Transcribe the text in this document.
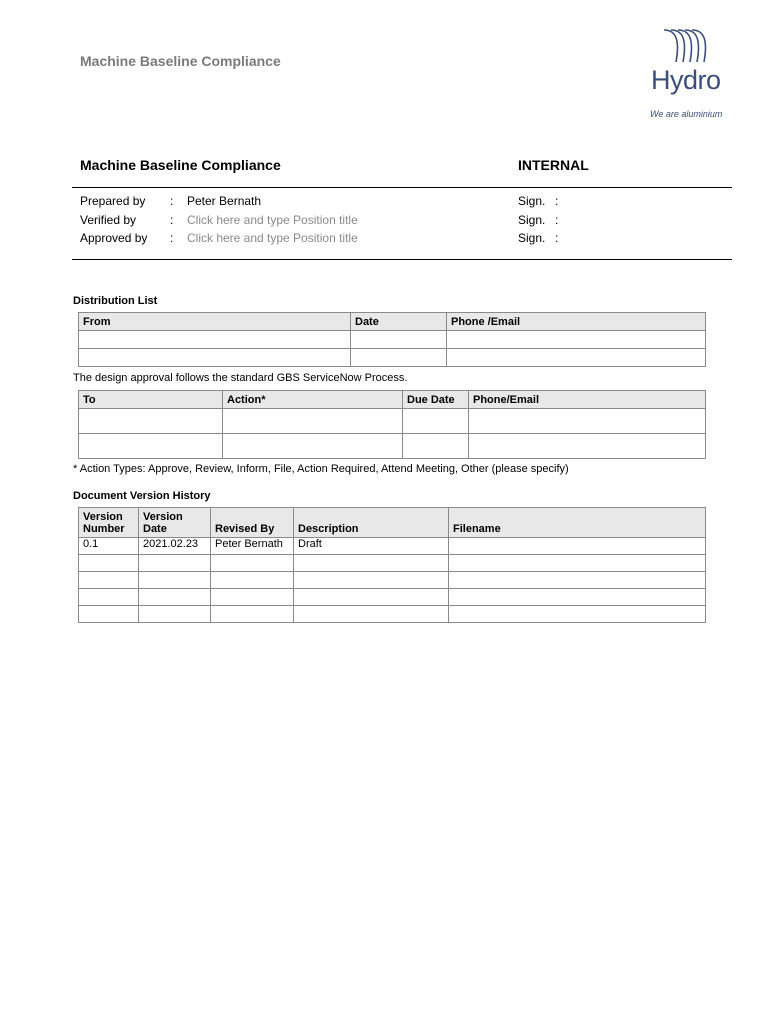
Machine Baseline Compliance
Hydro
We are aluminium
Machine Baseline Compliance	INTERNAL
Prepared by : Peter Bernath	Sign. :
Verified by	: Click here and type Position title	Sign. :
Approved by : Click here and type Position title	Sign. :
Distribution List
From	Date	Phone /Email

The design approval follows the standard GBS ServiceNow Process.
To	Action*	Due Date	Phone/Email

* Action Types: Approve, Review, Inform, File, Action Required, Attend Meeting, Other (please specify)
Document Version History
Version Number	Version Date	Revised By	Description	Filename
0.1	2021.02.23	Peter Bernath	Draft	
